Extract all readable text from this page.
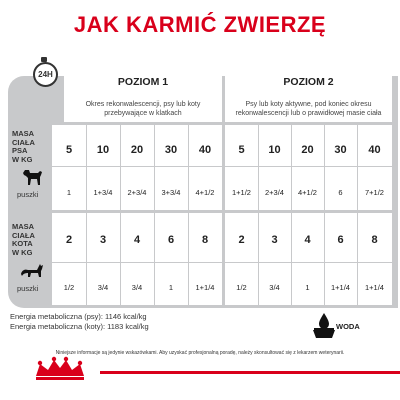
JAK KARMIĆ ZWIERZĘ
24H
POZIOM 1
Okres rekonwalescencji, psy lub koty
przebywające w klatkach
POZIOM 2
Psy lub koty aktywne, pod koniec okresu
rekonwalescencji lub o prawidłowej masie ciała
MASA
CIAŁA
PSA
W KG
puszki
MASA
CIAŁA
KOTA
W KG
puszki
5	10	20	30	40	5	10	20	30	40
1	1+3/4	2+3/4	3+3/4	4+1/2	1+1/2	2+3/4	4+1/2	6	7+1/2
2	3	4	6	8	2	3	4	6	8
1/2	3/4	3/4	1	1+1/4	1/2	3/4	1	1+1/4	1+1/4
Energia metaboliczna (psy): 1146 kcal/kg
Energia metaboliczna (koty): 1183 kcal/kg	WODA
Niniejsze informacje są jedynie wskazówkami. Aby uzyskać profesjonalną poradę, należy skonsultować się z lekarzem weterynarii.
